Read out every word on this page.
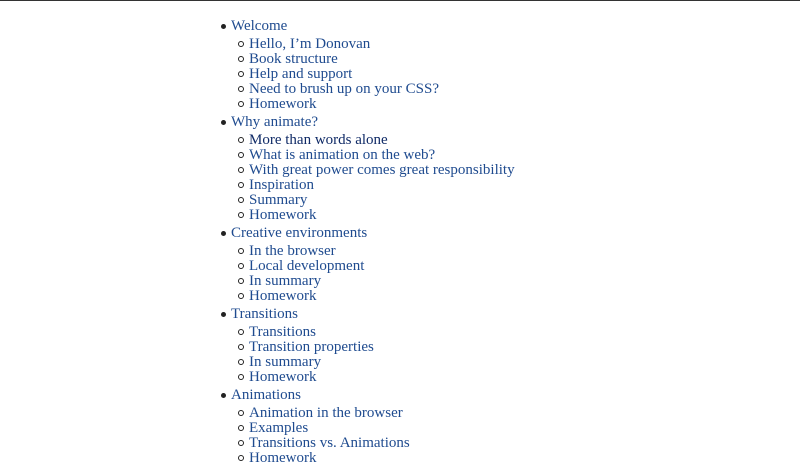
Welcome
Hello, I’m Donovan
Book structure
Help and support
Need to brush up on your CSS?
Homework
Why animate?
More than words alone
What is animation on the web?
With great power comes great responsibility
Inspiration
Summary
Homework
Creative environments
In the browser
Local development
In summary
Homework
Transitions
Transitions
Transition properties
In summary
Homework
Animations
Animation in the browser
Examples
Transitions vs. Animations
Homework
